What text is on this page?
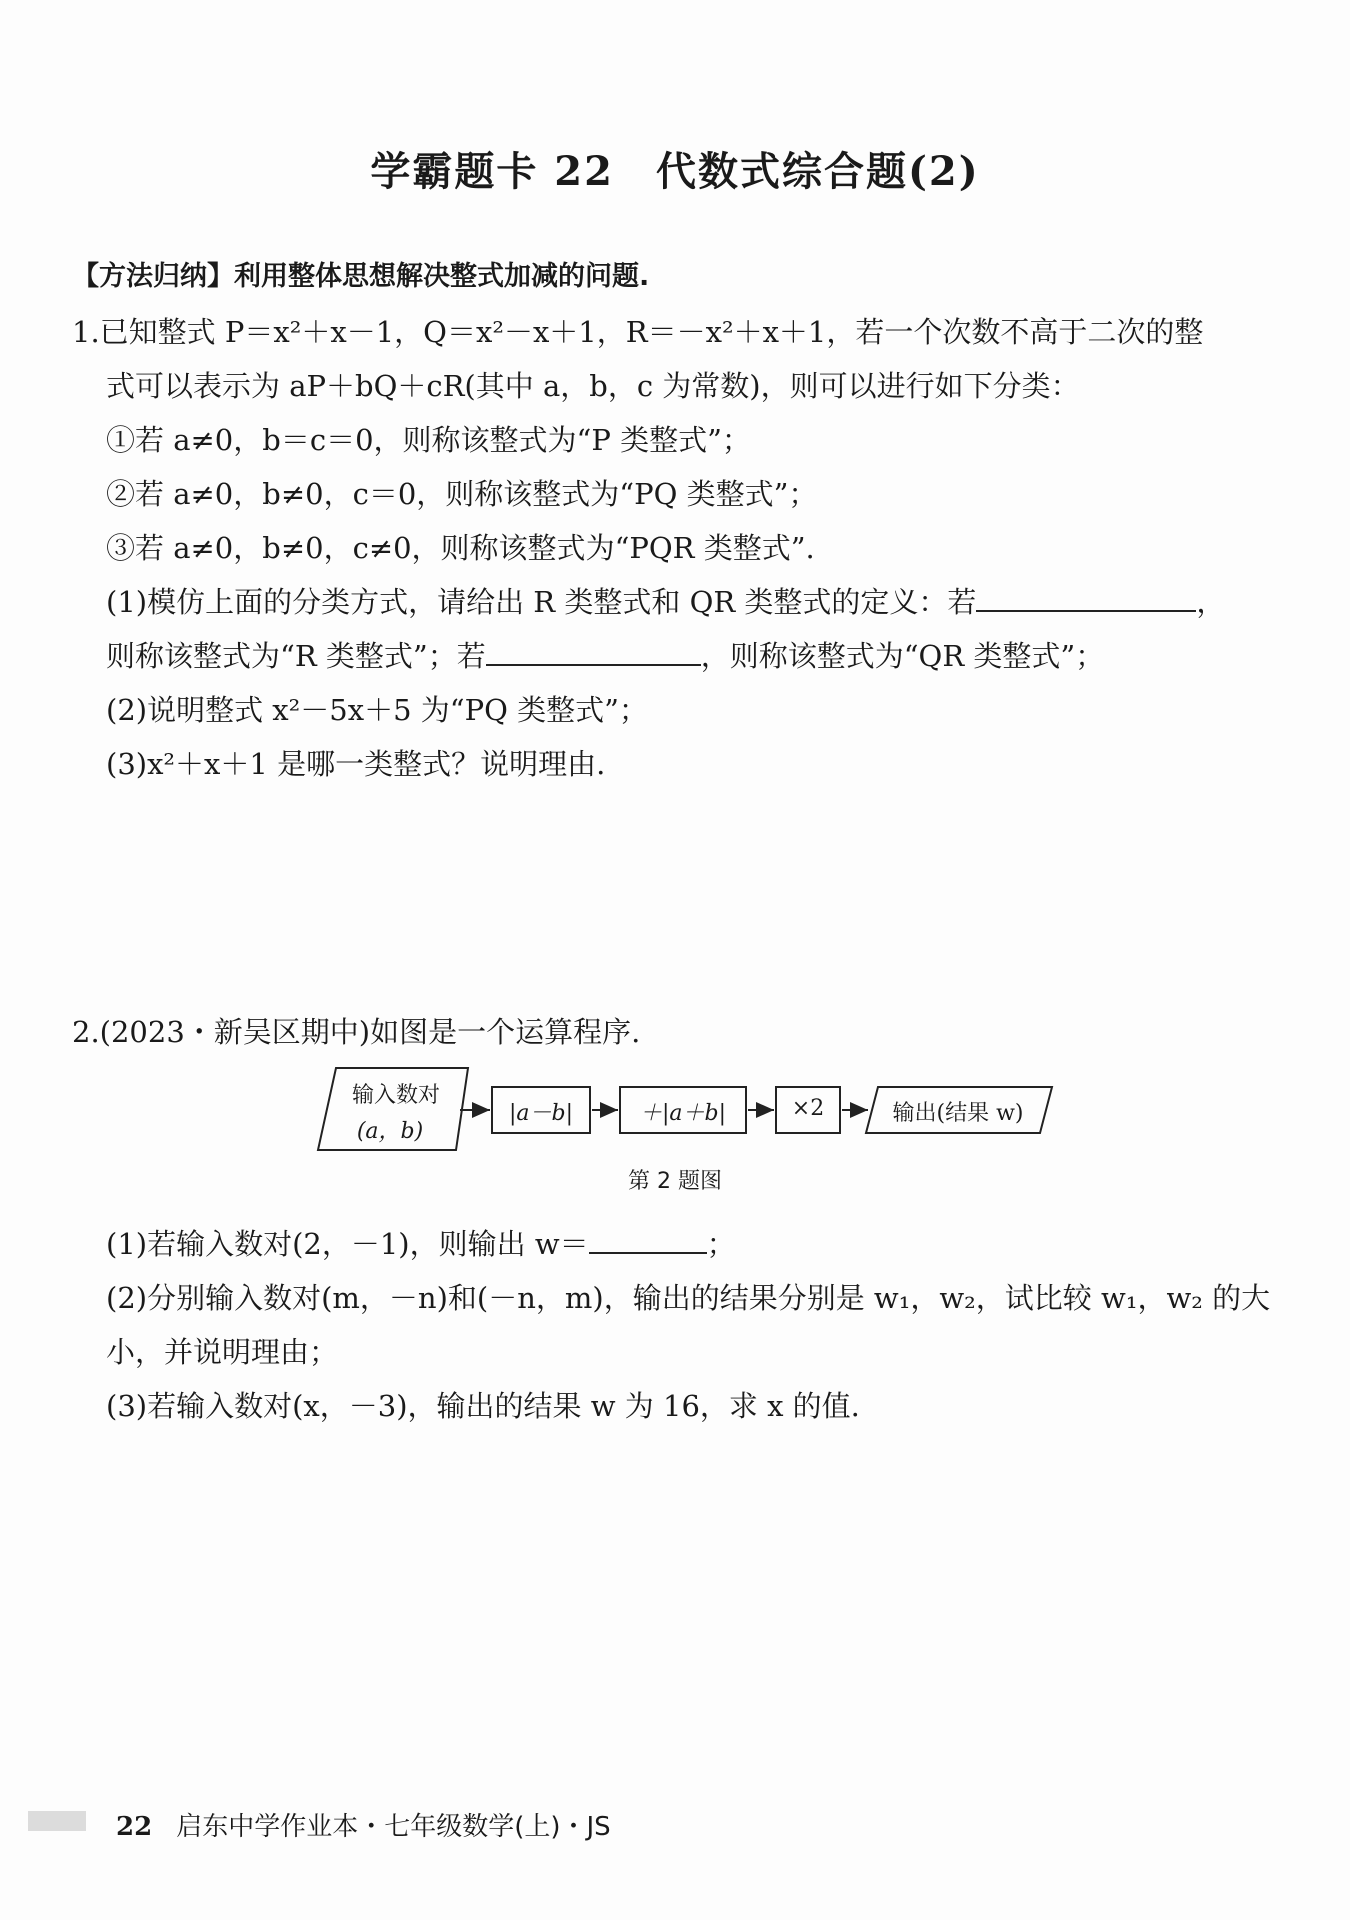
学霸题卡 22　代数式综合题(2)
【方法归纳】利用整体思想解决整式加减的问题.
1.已知整式 P＝x²＋x－1，Q＝x²－x＋1，R＝－x²＋x＋1，若一个次数不高于二次的整
式可以表示为 aP＋bQ＋cR(其中 a，b，c 为常数)，则可以进行如下分类：
①若 a≠0，b＝c＝0，则称该整式为“P 类整式”；
②若 a≠0，b≠0，c＝0，则称该整式为“PQ 类整式”；
③若 a≠0，b≠0，c≠0，则称该整式为“PQR 类整式”.
(1)模仿上面的分类方式，请给出 R 类整式和 QR 类整式的定义：若	，
则称该整式为“R 类整式”；若	，则称该整式为“QR 类整式”；
(2)说明整式 x²－5x＋5 为“PQ 类整式”；
(3)x²＋x＋1 是哪一类整式？说明理由.
2.(2023・新吴区期中)如图是一个运算程序.
输入数对
(a，b)
|a－b|	＋|a＋b|	×2	输出(结果 w)
第 2 题图
(1)若输入数对(2，－1)，则输出 w＝	；
(2)分别输入数对(m，－n)和(－n，m)，输出的结果分别是 w₁，w₂，试比较 w₁，w₂ 的大
小，并说明理由；
(3)若输入数对(x，－3)，输出的结果 w 为 16，求 x 的值.
22 启东中学作业本・七年级数学(上)・JS
